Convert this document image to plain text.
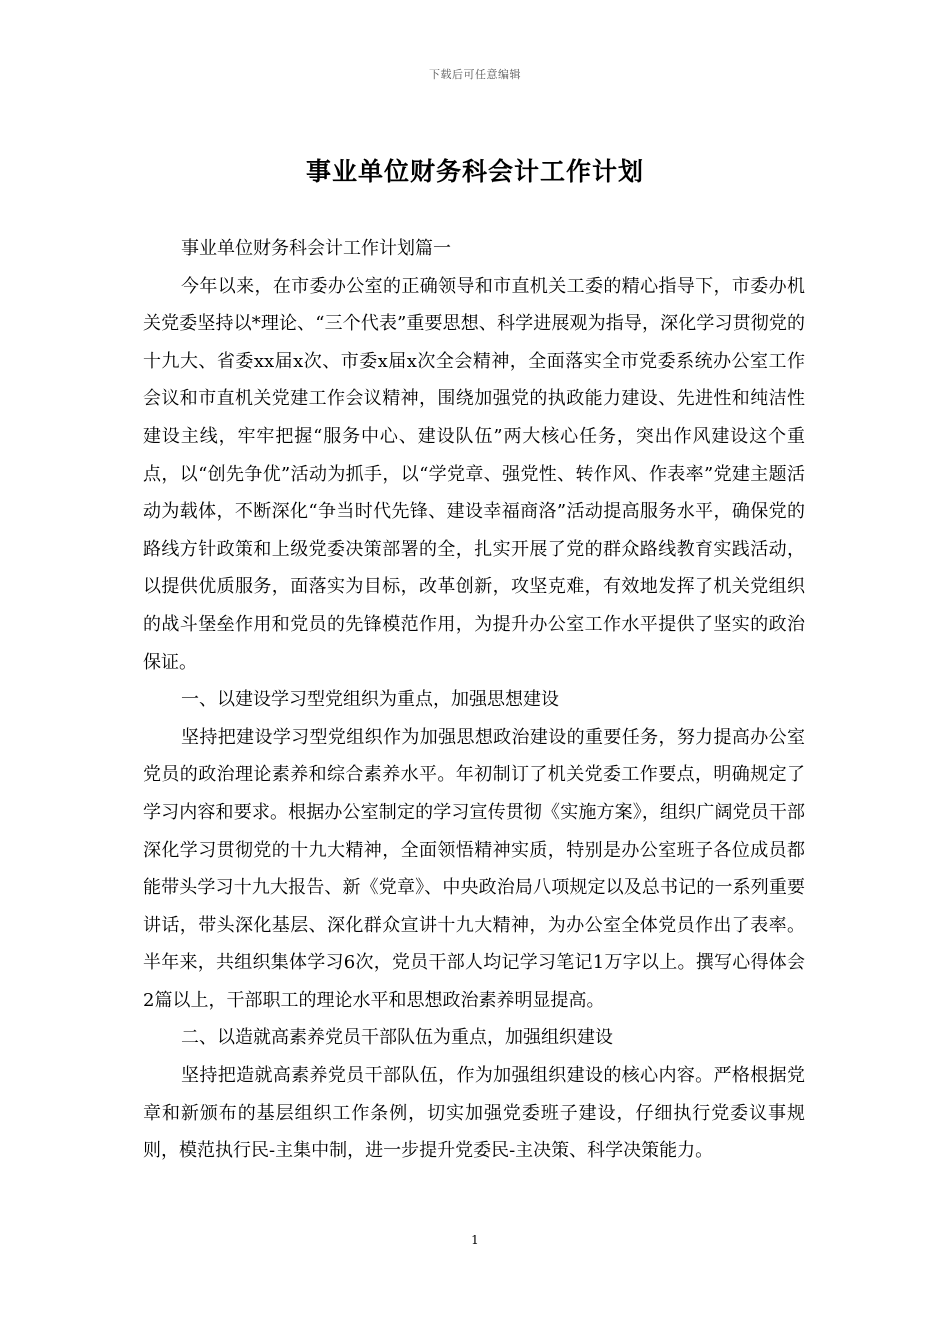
下载后可任意编辑
事业单位财务科会计工作计划

事业单位财务科会计工作计划篇一

今年以来，在市委办公室的正确领导和市直机关工委的精心指导下，市委办机关党委坚持以*理论、“三个代表”重要思想、科学进展观为指导，深化学习贯彻党的十九大、省委xx届x次、市委x届x次全会精神，全面落实全市党委系统办公室工作会议和市直机关党建工作会议精神，围绕加强党的执政能力建设、先进性和纯洁性建设主线，牢牢把握“服务中心、建设队伍”两大核心任务，突出作风建设这个重点，以“创先争优”活动为抓手，以“学党章、强党性、转作风、作表率”党建主题活动为载体，不断深化“争当时代先锋、建设幸福商洛”活动提高服务水平，确保党的路线方针政策和上级党委决策部署的全，扎实开展了党的群众路线教育实践活动，以提供优质服务，面落实为目标，改革创新，攻坚克难，有效地发挥了机关党组织的战斗堡垒作用和党员的先锋模范作用，为提升办公室工作水平提供了坚实的政治保证。

一、以建设学习型党组织为重点，加强思想建设

坚持把建设学习型党组织作为加强思想政治建设的重要任务，努力提高办公室党员的政治理论素养和综合素养水平。年初制订了机关党委工作要点，明确规定了学习内容和要求。根据办公室制定的学习宣传贯彻《实施方案》，组织广阔党员干部深化学习贯彻党的十九大精神，全面领悟精神实质，特别是办公室班子各位成员都能带头学习十九大报告、新《党章》、中央政治局八项规定以及总书记的一系列重要讲话，带头深化基层、深化群众宣讲十九大精神，为办公室全体党员作出了表率。半年来，共组织集体学习6次，党员干部人均记学习笔记1万字以上。撰写心得体会2篇以上，干部职工的理论水平和思想政治素养明显提高。

二、以造就高素养党员干部队伍为重点，加强组织建设

坚持把造就高素养党员干部队伍，作为加强组织建设的核心内容。严格根据党章和新颁布的基层组织工作条例，切实加强党委班子建设，仔细执行党委议事规则，模范执行民-主集中制，进一步提升党委民-主决策、科学决策能力。

1
